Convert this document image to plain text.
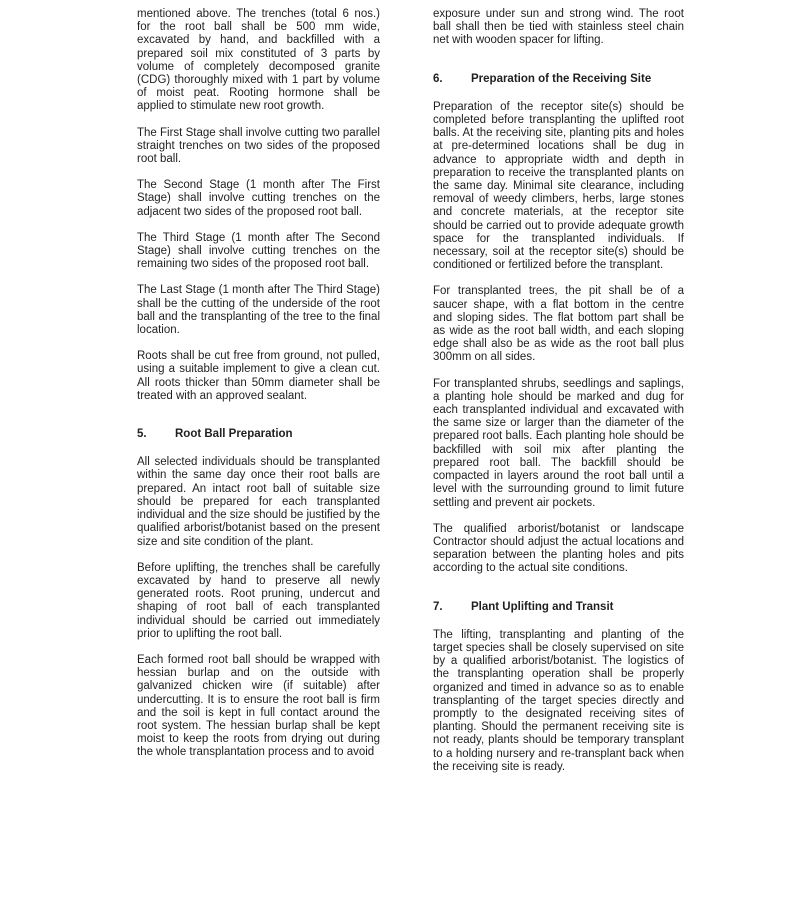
mentioned above. The trenches (total 6 nos.) for the root ball shall be 500 mm wide, excavated by hand, and backfilled with a prepared soil mix constituted of 3 parts by volume of completely decomposed granite (CDG) thoroughly mixed with 1 part by volume of moist peat. Rooting hormone shall be applied to stimulate new root growth.

The First Stage shall involve cutting two parallel straight trenches on two sides of the proposed root ball.

The Second Stage (1 month after The First Stage) shall involve cutting trenches on the adjacent two sides of the proposed root ball.

The Third Stage (1 month after The Second Stage) shall involve cutting trenches on the remaining two sides of the proposed root ball.

The Last Stage (1 month after The Third Stage) shall be the cutting of the underside of the root ball and the transplanting of the tree to the final location.

Roots shall be cut free from ground, not pulled, using a suitable implement to give a clean cut. All roots thicker than 50mm diameter shall be treated with an approved sealant.

5.	Root Ball Preparation

All selected individuals should be transplanted within the same day once their root balls are prepared. An intact root ball of suitable size should be prepared for each transplanted individual and the size should be justified by the qualified arborist/botanist based on the present size and site condition of the plant.

Before uplifting, the trenches shall be carefully excavated by hand to preserve all newly generated roots. Root pruning, undercut and shaping of root ball of each transplanted individual should be carried out immediately prior to uplifting the root ball.

Each formed root ball should be wrapped with hessian burlap and on the outside with galvanized chicken wire (if suitable) after undercutting. It is to ensure the root ball is firm and the soil is kept in full contact around the root system. The hessian burlap shall be kept moist to keep the roots from drying out during the whole transplantation process and to avoid

exposure under sun and strong wind. The root ball shall then be tied with stainless steel chain net with wooden spacer for lifting.

6.	Preparation of the Receiving Site

Preparation of the receptor site(s) should be completed before transplanting the uplifted root balls. At the receiving site, planting pits and holes at pre-determined locations shall be dug in advance to appropriate width and depth in preparation to receive the transplanted plants on the same day. Minimal site clearance, including removal of weedy climbers, herbs, large stones and concrete materials, at the receptor site should be carried out to provide adequate growth space for the transplanted individuals. If necessary, soil at the receptor site(s) should be conditioned or fertilized before the transplant.

For transplanted trees, the pit shall be of a saucer shape, with a flat bottom in the centre and sloping sides. The flat bottom part shall be as wide as the root ball width, and each sloping edge shall also be as wide as the root ball plus 300mm on all sides.

For transplanted shrubs, seedlings and saplings, a planting hole should be marked and dug for each transplanted individual and excavated with the same size or larger than the diameter of the prepared root balls. Each planting hole should be backfilled with soil mix after planting the prepared root ball. The backfill should be compacted in layers around the root ball until a level with the surrounding ground to limit future settling and prevent air pockets.

The qualified arborist/botanist or landscape Contractor should adjust the actual locations and separation between the planting holes and pits according to the actual site conditions.

7.	Plant Uplifting and Transit

The lifting, transplanting and planting of the target species shall be closely supervised on site by a qualified arborist/botanist. The logistics of the transplanting operation shall be properly organized and timed in advance so as to enable transplanting of the target species directly and promptly to the designated receiving sites of planting. Should the permanent receiving site is not ready, plants should be temporary transplant to a holding nursery and re-transplant back when the receiving site is ready.
